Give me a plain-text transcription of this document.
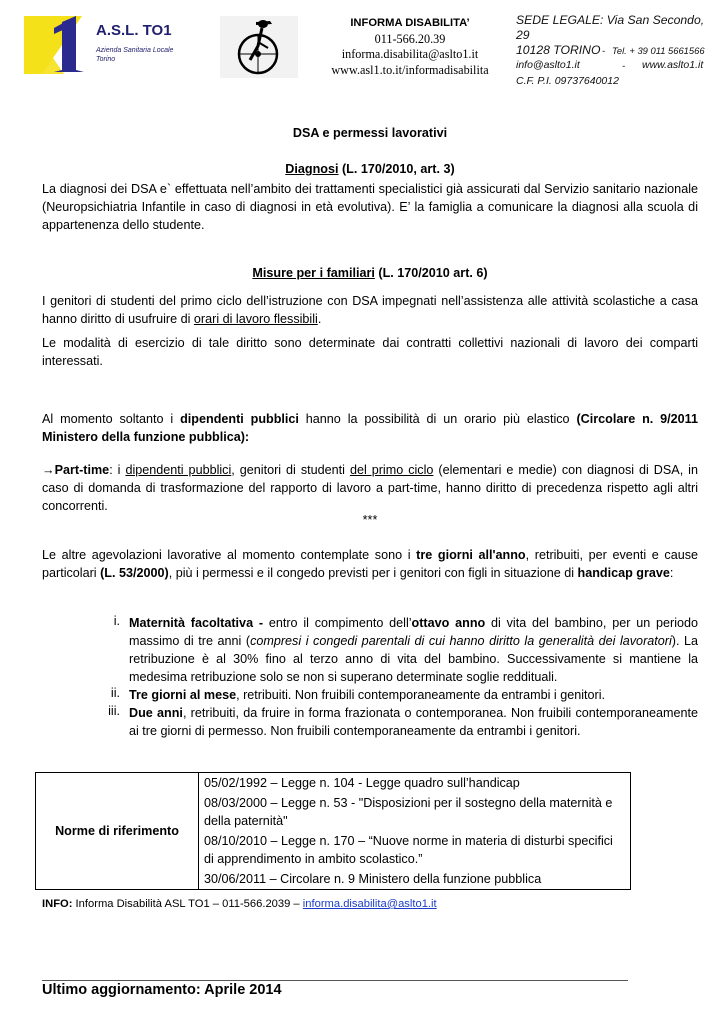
A.S.L. TO1
Azienda Sanitaria Locale
Torino
INFORMA DISABILITA’
011-566.20.39
informa.disabilita@aslto1.it
www.asl1.to.it/informadisabilita
SEDE LEGALE: Via San Secondo, 29
10128 TORINO - Tel. + 39 011 5661566
info@aslto1.it	- www.aslto1.it
C.F. P.I. 09737640012
DSA e permessi lavorativi
Diagnosi (L. 170/2010, art. 3)
La diagnosi dei DSA e` effettuata nell’ambito dei trattamenti specialistici già assicurati dal Servizio sanitario nazionale (Neuropsichiatria Infantile in caso di diagnosi in età evolutiva). E’ la famiglia a comunicare la diagnosi alla scuola di appartenenza dello studente.
Misure per i familiari (L. 170/2010 art. 6)
I genitori di studenti del primo ciclo dell’istruzione con DSA impegnati nell’assistenza alle attività scolastiche a casa hanno diritto di usufruire di orari di lavoro flessibili.
Le modalità di esercizio di tale diritto sono determinate dai contratti collettivi nazionali di lavoro dei comparti interessati.
Al momento soltanto i dipendenti pubblici hanno la possibilità di un orario più elastico (Circolare n. 9/2011 Ministero della funzione pubblica):
→Part-time: i dipendenti pubblici, genitori di studenti del primo ciclo (elementari e medie) con diagnosi di DSA, in caso di domanda di trasformazione del rapporto di lavoro a part-time, hanno diritto di precedenza rispetto agli altri concorrenti.
***
Le altre agevolazioni lavorative al momento contemplate sono i tre giorni all'anno, retribuiti, per eventi e cause particolari (L. 53/2000), più i permessi e il congedo previsti per i genitori con figli in situazione di handicap grave:
i. Maternità facoltativa - entro il compimento dell’ottavo anno di vita del bambino, per un periodo massimo di tre anni (compresi i congedi parentali di cui hanno diritto la generalità dei lavoratori). La retribuzione è al 30% fino al terzo anno di vita del bambino. Successivamente si mantiene la medesima retribuzione solo se non si superano determinate soglie reddituali.
ii. Tre giorni al mese, retribuiti. Non fruibili contemporaneamente da entrambi i genitori.
iii. Due anni, retribuiti, da fruire in forma frazionata o contemporanea. Non fruibili contemporaneamente ai tre giorni di permesso. Non fruibili contemporaneamente da entrambi i genitori.
Norme di riferimento	05/02/1992 – Legge n. 104 - Legge quadro sull’handicap
08/03/2000 – Legge n. 53 - "Disposizioni per il sostegno della maternità e della paternità"
08/10/2010 – Legge n. 170 – “Nuove norme in materia di disturbi specifici di apprendimento in ambito scolastico.”
30/06/2011 – Circolare n. 9 Ministero della funzione pubblica
INFO: Informa Disabilità ASL TO1 – 011-566.2039 – informa.disabilita@aslto1.it
Ultimo aggiornamento: Aprile 2014
